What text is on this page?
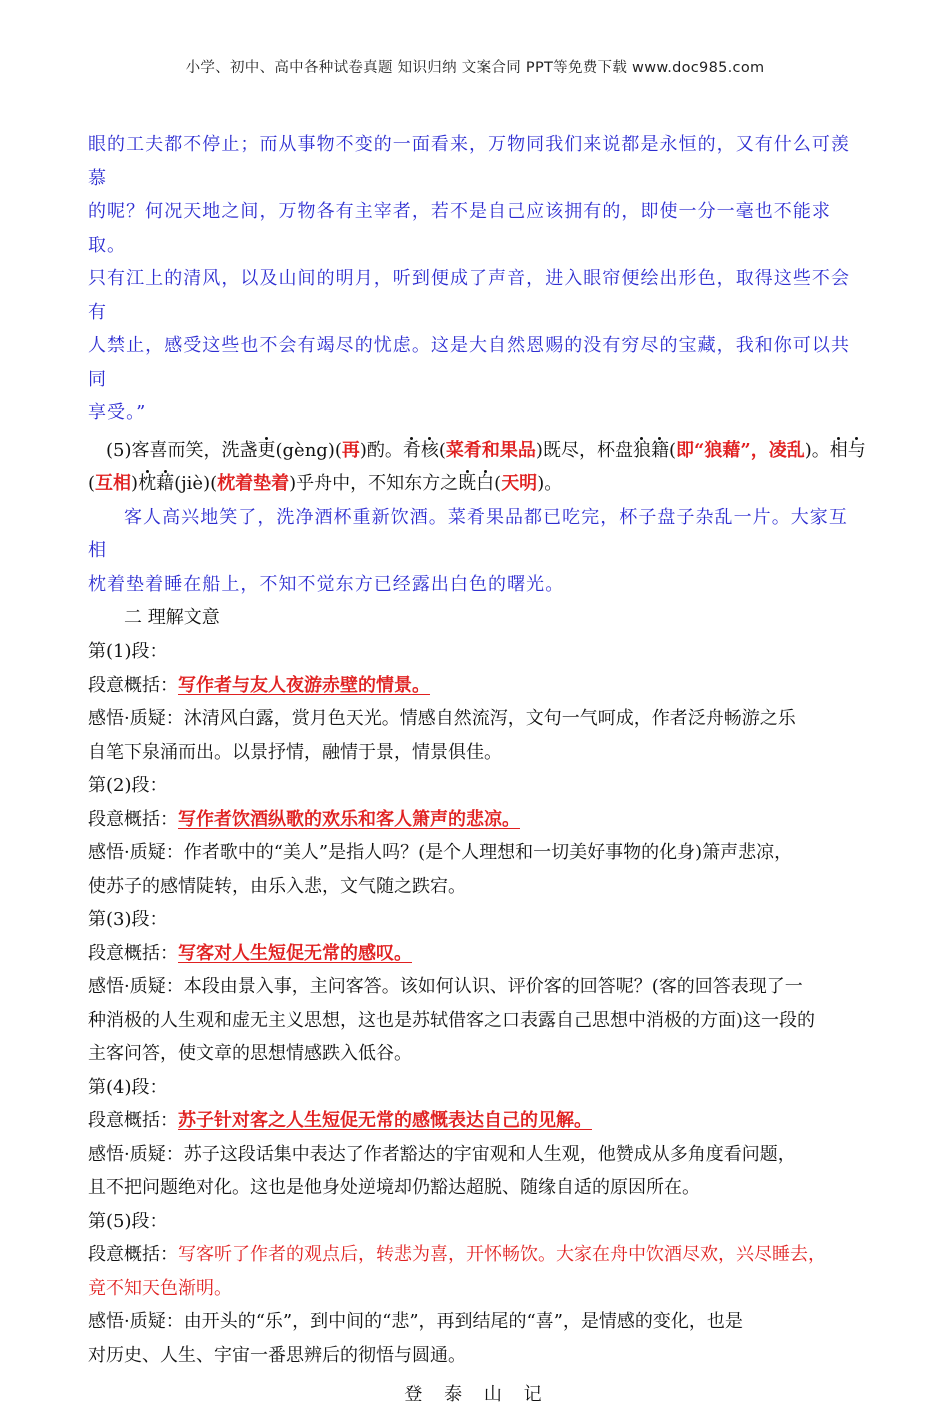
小学、初中、高中各种试卷真题 知识归纳 文案合同 PPT等免费下载 www.doc985.com

眼的工夫都不停止；而从事物不变的一面看来，万物同我们来说都是永恒的，又有什么可羡慕

的呢？何况天地之间，万物各有主宰者，若不是自己应该拥有的，即使一分一毫也不能求取。

只有江上的清风，以及山间的明月，听到便成了声音，进入眼帘便绘出形色，取得这些不会有

人禁止，感受这些也不会有竭尽的忧虑。这是大自然恩赐的没有穷尽的宝藏，我和你可以共同

享受。”

(5)客喜而笑，洗盏更(gèng)(再)酌。肴核(菜肴和果品)既尽，杯盘狼籍(即“狼藉”，凌乱)。相与(互相)枕藉(jiè)(枕着垫着)乎舟中，不知东方之既白(天明)。

客人高兴地笑了，洗净酒杯重新饮酒。菜肴果品都已吃完，杯子盘子杂乱一片。大家互相

枕着垫着睡在船上，不知不觉东方已经露出白色的曙光。

二 理解文意

第(1)段：

段意概括：写作者与友人夜游赤壁的情景。

感悟·质疑：沐清风白露，赏月色天光。情感自然流泻，文句一气呵成，作者泛舟畅游之乐

自笔下泉涌而出。以景抒情，融情于景，情景俱佳。

第(2)段：

段意概括：写作者饮酒纵歌的欢乐和客人箫声的悲凉。

感悟·质疑：作者歌中的“美人”是指人吗？(是个人理想和一切美好事物的化身)箫声悲凉，

使苏子的感情陡转，由乐入悲，文气随之跌宕。

第(3)段：

段意概括：写客对人生短促无常的感叹。

感悟·质疑：本段由景入事，主问客答。该如何认识、评价客的回答呢？(客的回答表现了一

种消极的人生观和虚无主义思想，这也是苏轼借客之口表露自己思想中消极的方面)这一段的

主客问答，使文章的思想情感跌入低谷。

第(4)段：

段意概括：苏子针对客之人生短促无常的感慨表达自己的见解。

感悟·质疑：苏子这段话集中表达了作者豁达的宇宙观和人生观，他赞成从多角度看问题，

且不把问题绝对化。这也是他身处逆境却仍豁达超脱、随缘自适的原因所在。

第(5)段：

段意概括：写客听了作者的观点后，转悲为喜，开怀畅饮。大家在舟中饮酒尽欢，兴尽睡去，

竟不知天色渐明。

感悟·质疑：由开头的“乐”，到中间的“悲”，再到结尾的“喜”，是情感的变化，也是

对历史、人生、宇宙一番思辨后的彻悟与圆通。

登 泰 山 记
